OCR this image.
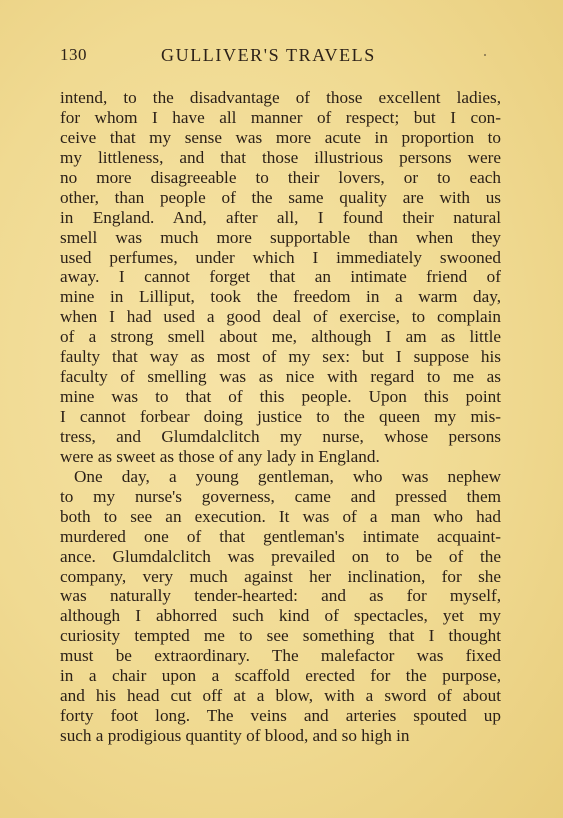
130	GULLIVER'S TRAVELS	·
intend, to the disadvantage of those excellent ladies,
for whom I have all manner of respect; but I con-
ceive that my sense was more acute in proportion to
my littleness, and that those illustrious persons were
no more disagreeable to their lovers, or to each
other, than people of the same quality are with us
in England. And, after all, I found their natural
smell was much more supportable than when they
used perfumes, under which I immediately swooned
away. I cannot forget that an intimate friend of
mine in Lilliput, took the freedom in a warm day,
when I had used a good deal of exercise, to complain
of a strong smell about me, although I am as little
faulty that way as most of my sex: but I suppose his
faculty of smelling was as nice with regard to me as
mine was to that of this people. Upon this point
I cannot forbear doing justice to the queen my mis-
tress, and Glumdalclitch my nurse, whose persons
were as sweet as those of any lady in England.
One day, a young gentleman, who was nephew
to my nurse's governess, came and pressed them
both to see an execution. It was of a man who had
murdered one of that gentleman's intimate acquaint-
ance. Glumdalclitch was prevailed on to be of the
company, very much against her inclination, for she
was naturally tender-hearted: and as for myself,
although I abhorred such kind of spectacles, yet my
curiosity tempted me to see something that I thought
must be extraordinary. The malefactor was fixed
in a chair upon a scaffold erected for the purpose,
and his head cut off at a blow, with a sword of about
forty foot long. The veins and arteries spouted up
such a prodigious quantity of blood, and so high in
